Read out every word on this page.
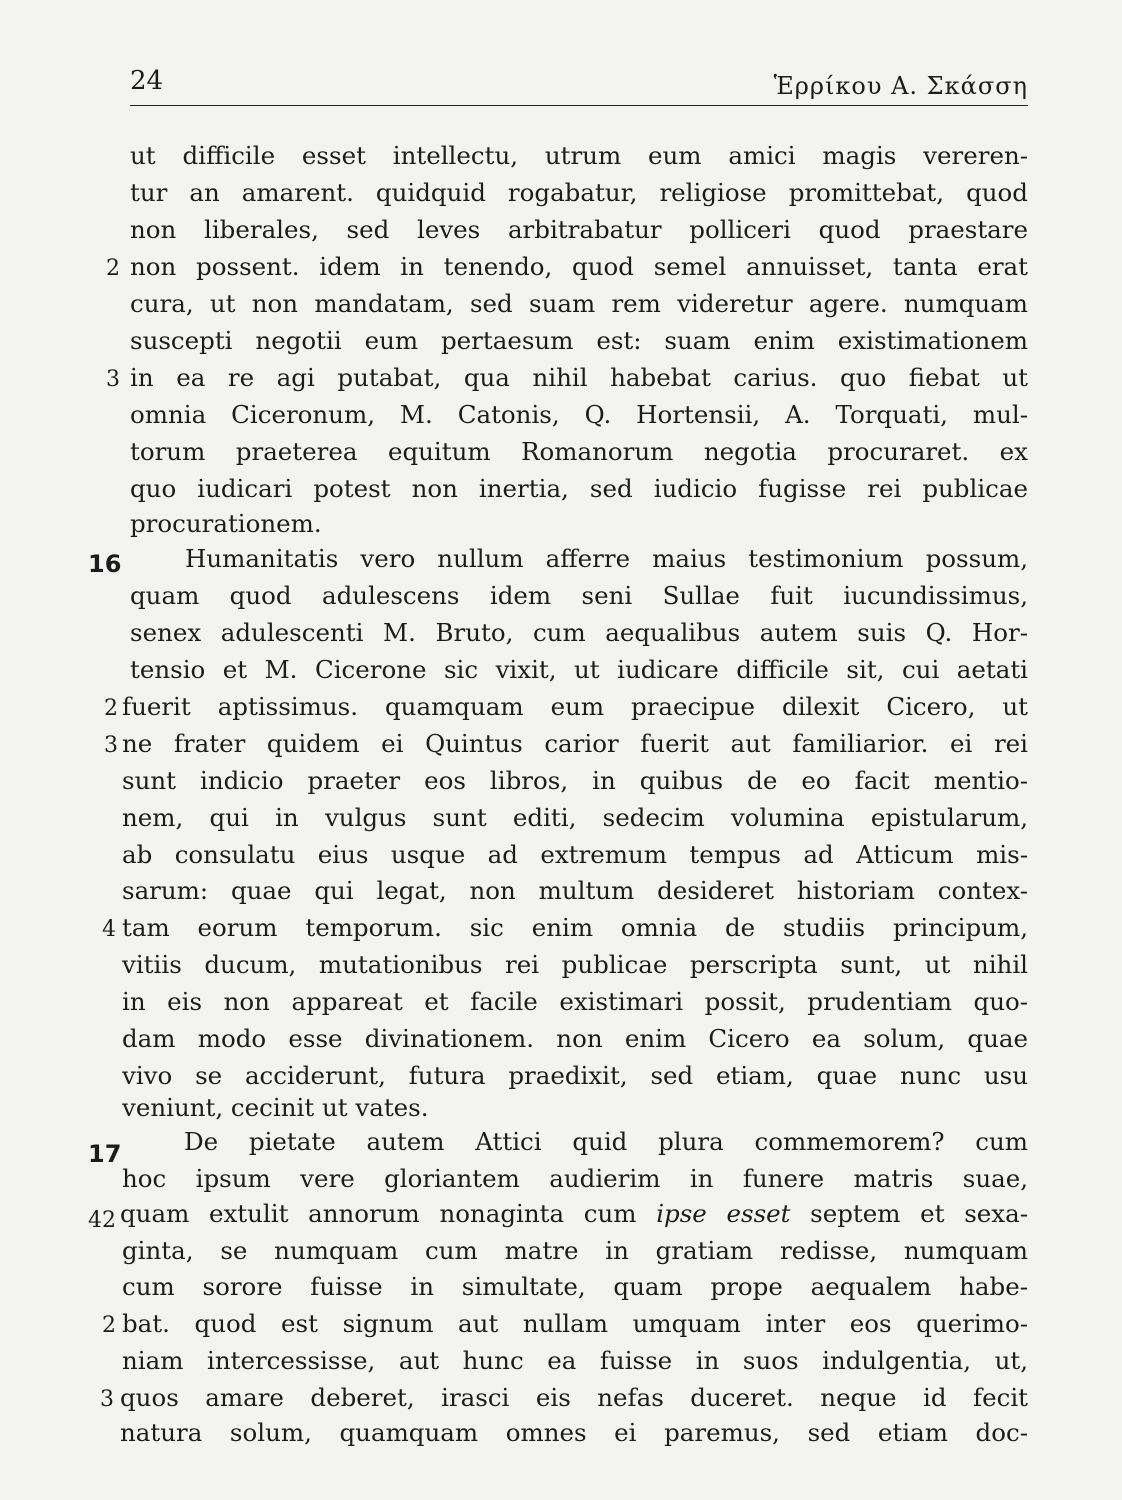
24	Ἑρρίκου Α. Σκάσση
ut difficile esset intellectu, utrum eum amici magis vereren-
tur an amarent. quidquid rogabatur, religiose promittebat, quod
non liberales, sed leves arbitrabatur polliceri quod praestare
2 non possent. idem in tenendo, quod semel annuisset, tanta erat
cura, ut non mandatam, sed suam rem videretur agere. numquam
suscepti negotii eum pertaesum est: suam enim existimationem
3 in ea re agi putabat, qua nihil habebat carius. quo fiebat ut
omnia Ciceronum, M. Catonis, Q. Hortensii, A. Torquati, mul-
torum praeterea equitum Romanorum negotia procuraret. ex
quo iudicari potest non inertia, sed iudicio fugisse rei publicae
procurationem.
16	Humanitatis vero nullum afferre maius testimonium possum,
quam quod adulescens idem seni Sullae fuit iucundissimus,
senex adulescenti M. Bruto, cum aequalibus autem suis Q. Hor-
tensio et M. Cicerone sic vixit, ut iudicare difficile sit, cui aetati
2 fuerit aptissimus. quamquam eum praecipue dilexit Cicero, ut
3 ne frater quidem ei Quintus carior fuerit aut familiarior. ei rei
sunt indicio praeter eos libros, in quibus de eo facit mentio-
nem, qui in vulgus sunt editi, sedecim volumina epistularum,
ab consulatu eius usque ad extremum tempus ad Atticum mis-
sarum: quae qui legat, non multum desideret historiam contex-
4 tam eorum temporum. sic enim omnia de studiis principum,
vitiis ducum, mutationibus rei publicae perscripta sunt, ut nihil
in eis non appareat et facile existimari possit, prudentiam quo-
dam modo esse divinationem. non enim Cicero ea solum, quae
vivo se acciderunt, futura praedixit, sed etiam, quae nunc usu
veniunt, cecinit ut vates.
17	De pietate autem Attici quid plura commemorem? cum
hoc ipsum vere gloriantem audierim in funere matris suae,
42 quam extulit annorum nonaginta cum ipse esset septem et sexa-
ginta, se numquam cum matre in gratiam redisse, numquam
cum sorore fuisse in simultate, quam prope aequalem habe-
2 bat. quod est signum aut nullam umquam inter eos querimo-
niam intercessisse, aut hunc ea fuisse in suos indulgentia, ut,
3 quos amare deberet, irasci eis nefas duceret. neque id fecit
natura solum, quamquam omnes ei paremus, sed etiam doc-
